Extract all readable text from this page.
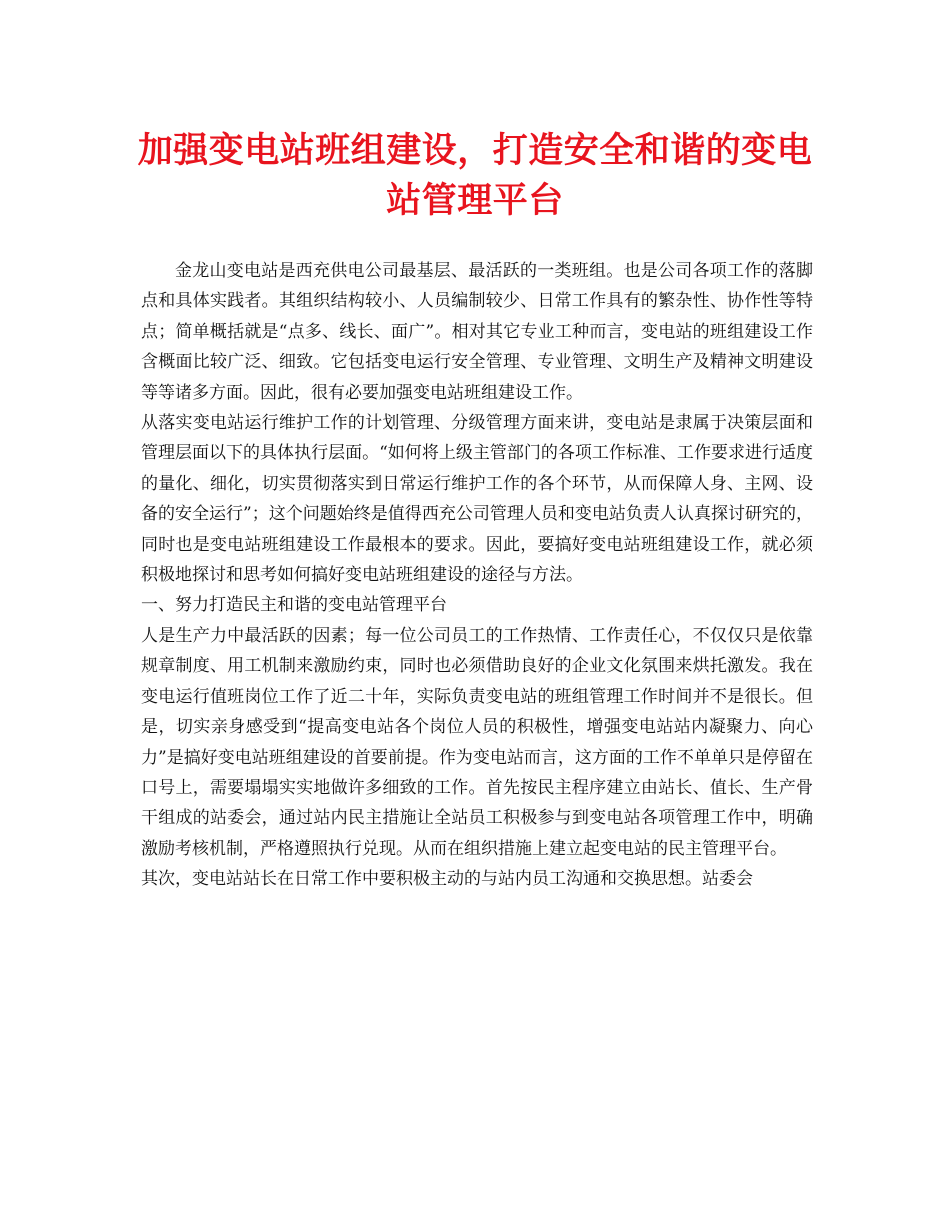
加强变电站班组建设，打造安全和谐的变电
站管理平台

金龙山变电站是西充供电公司最基层、最活跃的一类班组。也是公司各项工作的落脚点和具体实践者。其组织结构较小、人员编制较少、日常工作具有的繁杂性、协作性等特点；简单概括就是“点多、线长、面广”。相对其它专业工种而言，变电站的班组建设工作含概面比较广泛、细致。它包括变电运行安全管理、专业管理、文明生产及精神文明建设等等诸多方面。因此，很有必要加强变电站班组建设工作。

从落实变电站运行维护工作的计划管理、分级管理方面来讲，变电站是隶属于决策层面和管理层面以下的具体执行层面。“如何将上级主管部门的各项工作标准、工作要求进行适度的量化、细化，切实贯彻落实到日常运行维护工作的各个环节，从而保障人身、主网、设备的安全运行”；这个问题始终是值得西充公司管理人员和变电站负责人认真探讨研究的，同时也是变电站班组建设工作最根本的要求。因此，要搞好变电站班组建设工作，就必须积极地探讨和思考如何搞好变电站班组建设的途径与方法。

一、努力打造民主和谐的变电站管理平台

人是生产力中最活跃的因素；每一位公司员工的工作热情、工作责任心，不仅仅只是依靠规章制度、用工机制来激励约束，同时也必须借助良好的企业文化氛围来烘托激发。我在变电运行值班岗位工作了近二十年，实际负责变电站的班组管理工作时间并不是很长。但是，切实亲身感受到“提高变电站各个岗位人员的积极性，增强变电站站内凝聚力、向心力”是搞好变电站班组建设的首要前提。作为变电站而言，这方面的工作不单单只是停留在口号上，需要塌塌实实地做许多细致的工作。首先按民主程序建立由站长、值长、生产骨干组成的站委会，通过站内民主措施让全站员工积极参与到变电站各项管理工作中，明确激励考核机制，严格遵照执行兑现。从而在组织措施上建立起变电站的民主管理平台。

其次，变电站站长在日常工作中要积极主动的与站内员工沟通和交换思想。站委会
